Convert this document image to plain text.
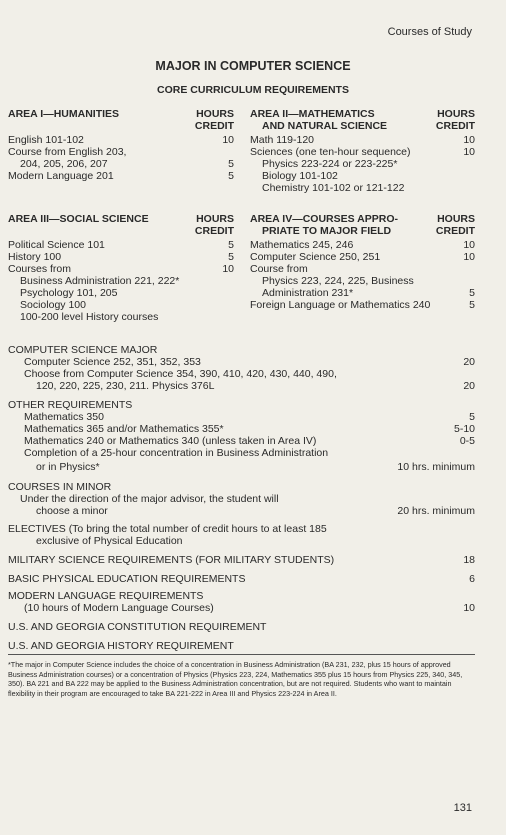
Courses of Study
MAJOR IN COMPUTER SCIENCE
CORE CURRICULUM REQUIREMENTS
AREA I—HUMANITIES	HOURS
CREDIT
English 101-102	10
Course from English 203,
204, 205, 206, 207	5
Modern Language 201	5
AREA II—MATHEMATICS
AND NATURAL SCIENCE
HOURS
CREDIT
Math 119-120	10
Sciences (one ten-hour sequence)	10
Physics 223-224 or 223-225*
Biology 101-102
Chemistry 101-102 or 121-122
AREA III—SOCIAL SCIENCE	HOURS
CREDIT
Political Science 101	5
History 100	5
Courses from	10
Business Administration 221, 222*
Psychology 101, 205
Sociology 100
100-200 level History courses
AREA IV—COURSES APPRO-
PRIATE TO MAJOR FIELD
HOURS
CREDIT
Mathematics 245, 246	10
Computer Science 250, 251	10
Course from
Physics 223, 224, 225, Business
Administration 231*	5
Foreign Language or Mathematics 240	5
COMPUTER SCIENCE MAJOR
Computer Science 252, 351, 352, 353	20
Choose from Computer Science 354, 390, 410, 420, 430, 440, 490,
120, 220, 225, 230, 211. Physics 376L	20
OTHER REQUIREMENTS
Mathematics 350	5
Mathematics 365 and/or Mathematics 355*	5-10
Mathematics 240 or Mathematics 340 (unless taken in Area IV)	0-5
Completion of a 25-hour concentration in Business Administration
or in Physics*	10 hrs. minimum
COURSES IN MINOR
Under the direction of the major advisor, the student will
choose a minor	20 hrs. minimum
ELECTIVES (To bring the total number of credit hours to at least 185
exclusive of Physical Education
MILITARY SCIENCE REQUIREMENTS (FOR MILITARY STUDENTS)	18
BASIC PHYSICAL EDUCATION REQUIREMENTS	6
MODERN LANGUAGE REQUIREMENTS
(10 hours of Modern Language Courses)	10
U.S. AND GEORGIA CONSTITUTION REQUIREMENT
U.S. AND GEORGIA HISTORY REQUIREMENT
*The major in Computer Science includes the choice of a concentration in Business Administration (BA 231, 232, plus 15 hours of approved Business Administration courses) or a concentration of Physics (Physics 223, 224, Mathematics 355 plus 15 hours from Physics 225, 340, 345, 350). BA 221 and BA 222 may be applied to the Business Administration concentration, but are not required. Students who want to maintain flexibility in their program are encouraged to take BA 221-222 in Area III and Physics 223-224 in Area II.
131
